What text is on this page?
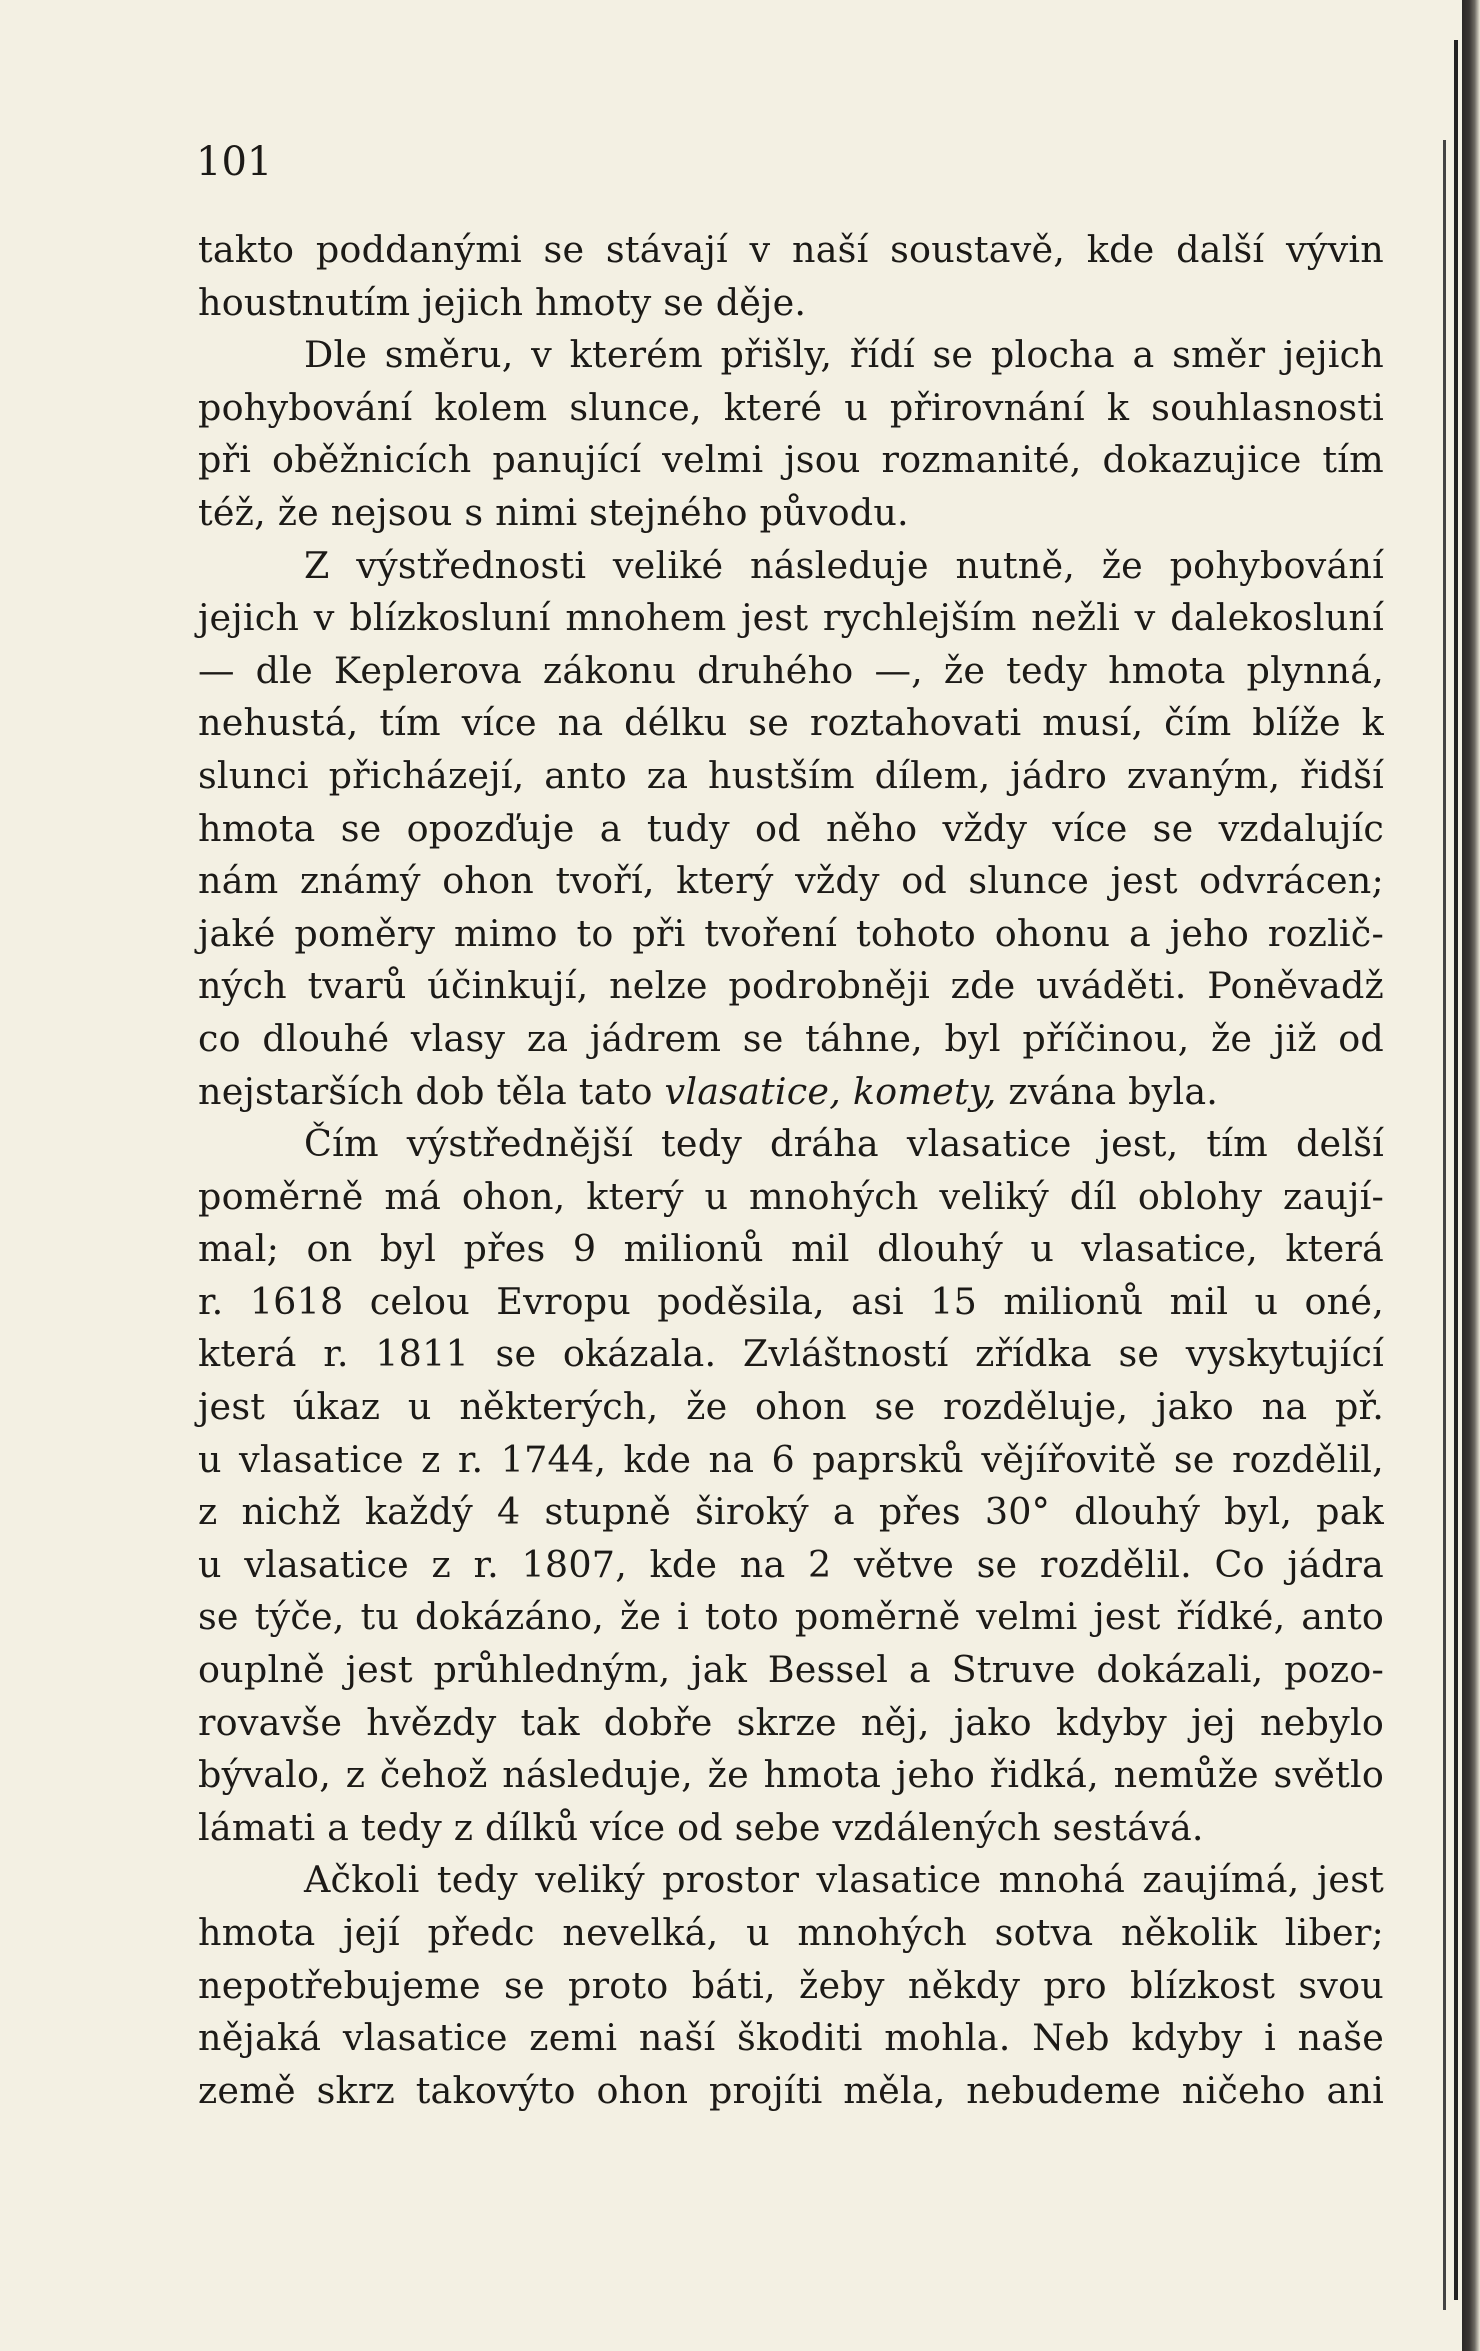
101
takto poddanými se stávají v naší soustavě, kde další vývin
houstnutím jejich hmoty se děje.
Dle směru, v kterém přišly, řídí se plocha a směr jejich
pohybování kolem slunce, které u přirovnání k souhlasnosti
při oběžnicích panující velmi jsou rozmanité, dokazujice tím
též, že nejsou s nimi stejného původu.
Z výstřednosti veliké následuje nutně, že pohybování
jejich v blízkosluní mnohem jest rychlejším nežli v dalekosluní
— dle Keplerova zákonu druhého —, že tedy hmota plynná,
nehustá, tím více na délku se roztahovati musí, čím blíže k
slunci přicházejí, anto za hustším dílem, jádro zvaným, řidší
hmota se opozďuje a tudy od něho vždy více se vzdalujíc
nám známý ohon tvoří, který vždy od slunce jest odvrácen;
jaké poměry mimo to při tvoření tohoto ohonu a jeho rozlič-
ných tvarů účinkují, nelze podrobněji zde uváděti. Poněvadž
co dlouhé vlasy za jádrem se táhne, byl příčinou, že již od
nejstarších dob těla tato vlasatice, komety, zvána byla.
Čím výstřednější tedy dráha vlasatice jest, tím delší
poměrně má ohon, který u mnohých veliký díl oblohy zaují-
mal; on byl přes 9 milionů mil dlouhý u vlasatice, která
r. 1618 celou Evropu poděsila, asi 15 milionů mil u oné,
která r. 1811 se okázala. Zvláštností zřídka se vyskytující
jest úkaz u některých, že ohon se rozděluje, jako na př.
u vlasatice z r. 1744, kde na 6 paprsků vějířovitě se rozdělil,
z nichž každý 4 stupně široký a přes 30° dlouhý byl, pak
u vlasatice z r. 1807, kde na 2 větve se rozdělil. Co jádra
se týče, tu dokázáno, že i toto poměrně velmi jest řídké, anto
ouplně jest průhledným, jak Bessel a Struve dokázali, pozo-
rovavše hvězdy tak dobře skrze něj, jako kdyby jej nebylo
bývalo, z čehož následuje, že hmota jeho řidká, nemůže světlo
lámati a tedy z dílků více od sebe vzdálených sestává.
Ačkoli tedy veliký prostor vlasatice mnohá zaujímá, jest
hmota její předc nevelká, u mnohých sotva několik liber;
nepotřebujeme se proto báti, žeby někdy pro blízkost svou
nějaká vlasatice zemi naší škoditi mohla. Neb kdyby i naše
země skrz takovýto ohon projíti měla, nebudeme ničeho ani
